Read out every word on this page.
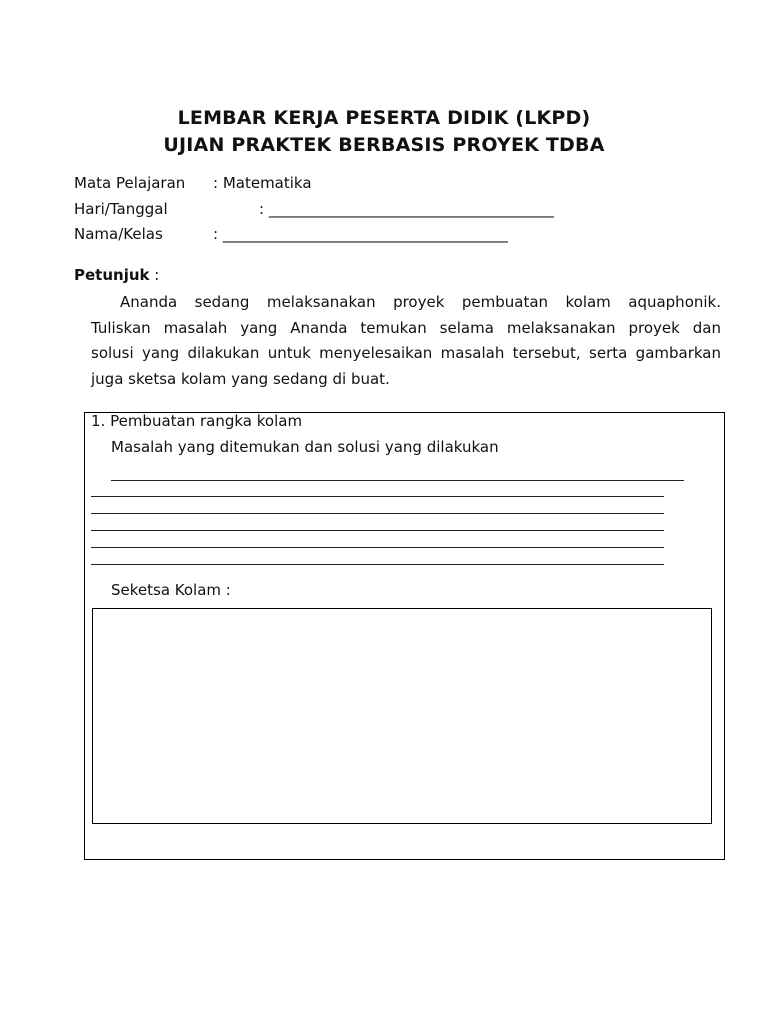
LEMBAR KERJA PESERTA DIDIK (LKPD)
UJIAN PRAKTEK BERBASIS PROYEK TDBA
Mata Pelajaran : Matematika
Hari/Tanggal	: ______________________________________
Nama/Kelas	: ______________________________________
Petunjuk :
Ananda sedang melaksanakan proyek pembuatan kolam aquaphonik.
Tuliskan masalah yang Ananda temukan selama melaksanakan proyek dan
solusi yang dilakukan untuk menyelesaikan masalah tersebut, serta gambarkan
juga sketsa kolam yang sedang di buat.
1. Pembuatan rangka kolam
Masalah yang ditemukan dan solusi yang dilakukan
Seketsa Kolam :
